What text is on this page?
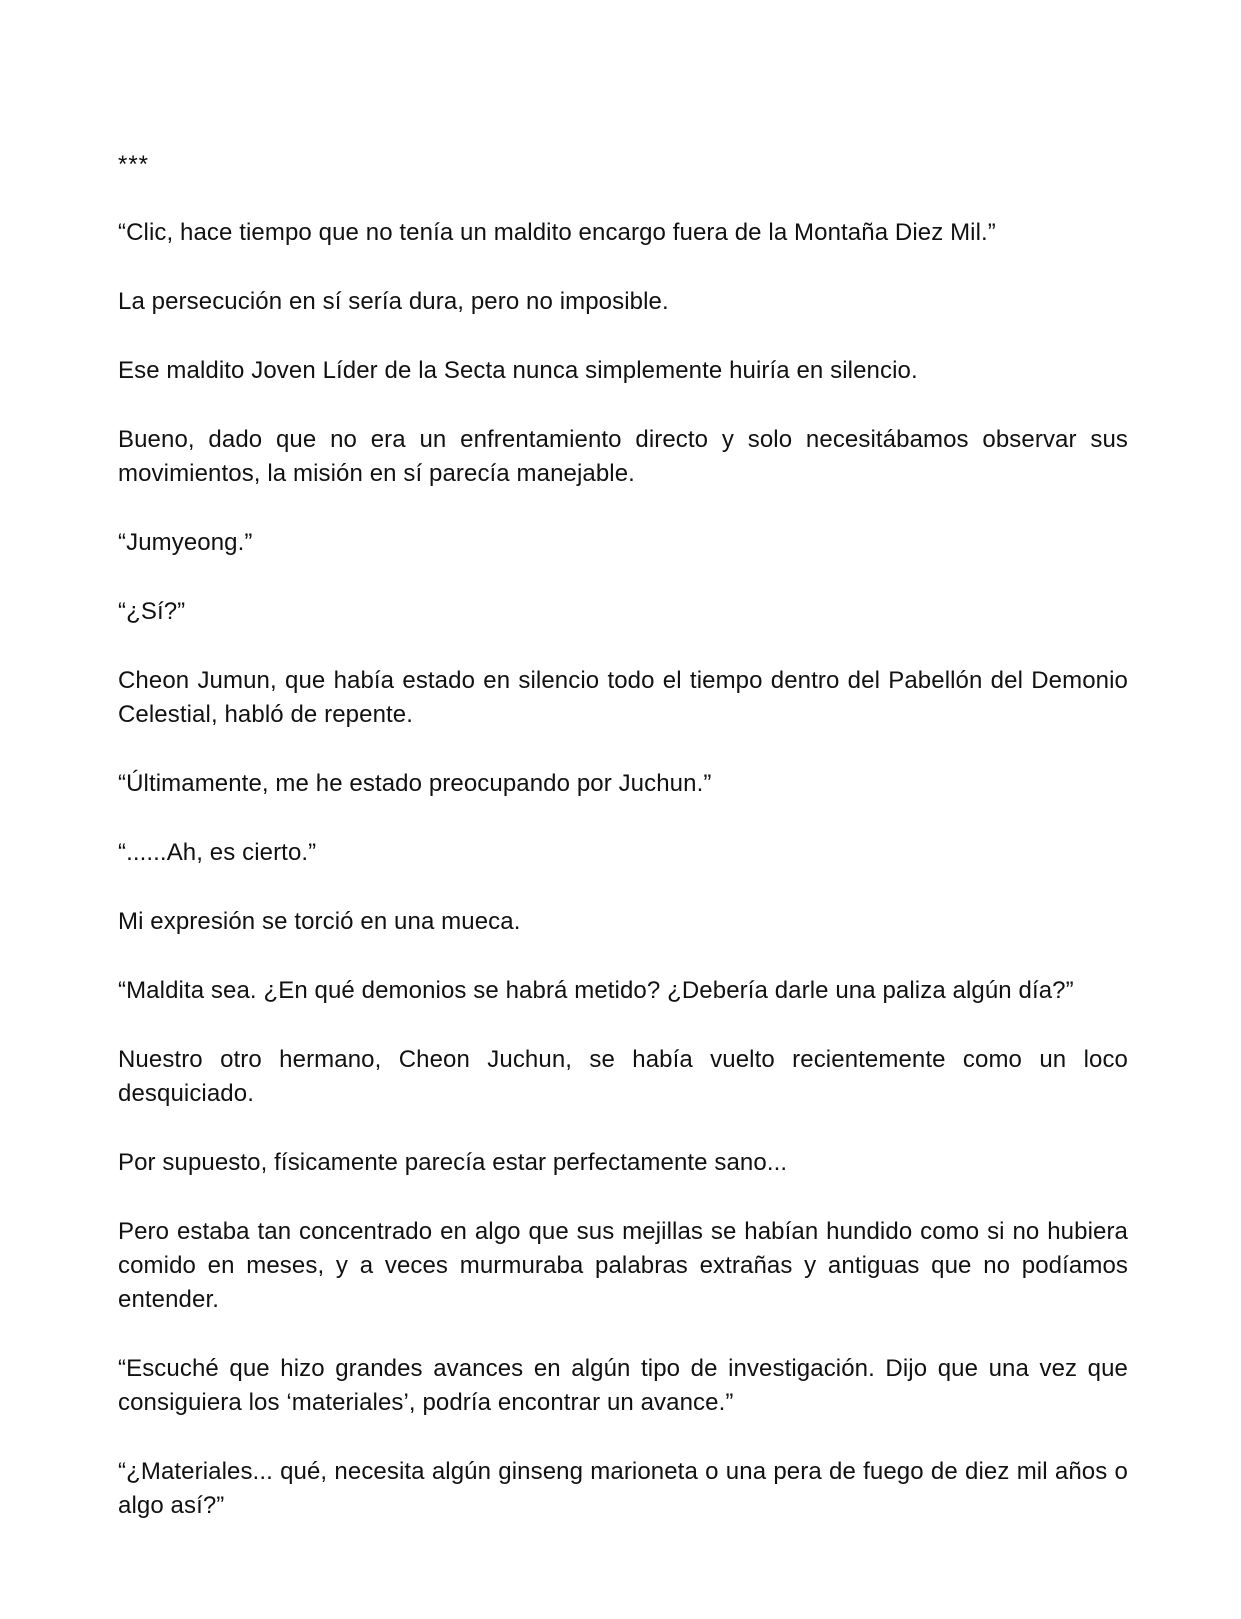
***

“Clic, hace tiempo que no tenía un maldito encargo fuera de la Montaña Diez Mil.”

La persecución en sí sería dura, pero no imposible.

Ese maldito Joven Líder de la Secta nunca simplemente huiría en silencio.

Bueno, dado que no era un enfrentamiento directo y solo necesitábamos observar sus movimientos, la misión en sí parecía manejable.

“Jumyeong.”

“¿Sí?”

Cheon Jumun, que había estado en silencio todo el tiempo dentro del Pabellón del Demonio Celestial, habló de repente.

“Últimamente, me he estado preocupando por Juchun.”

“......Ah, es cierto.”

Mi expresión se torció en una mueca.

“Maldita sea. ¿En qué demonios se habrá metido? ¿Debería darle una paliza algún día?”

Nuestro otro hermano, Cheon Juchun, se había vuelto recientemente como un loco desquiciado.

Por supuesto, físicamente parecía estar perfectamente sano...

Pero estaba tan concentrado en algo que sus mejillas se habían hundido como si no hubiera comido en meses, y a veces murmuraba palabras extrañas y antiguas que no podíamos entender.

“Escuché que hizo grandes avances en algún tipo de investigación. Dijo que una vez que consiguiera los ‘materiales’, podría encontrar un avance.”

“¿Materiales... qué, necesita algún ginseng marioneta o una pera de fuego de diez mil años o algo así?”
